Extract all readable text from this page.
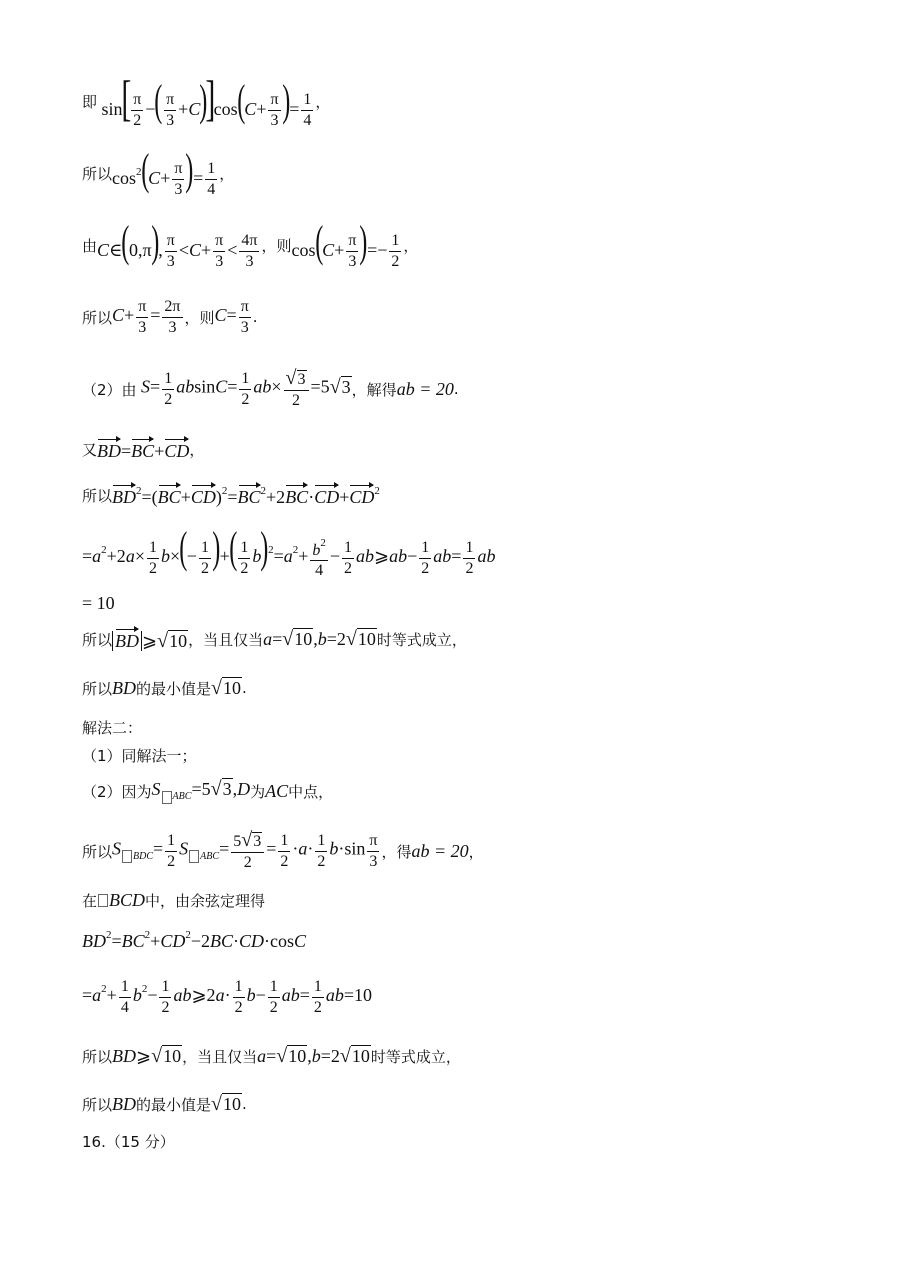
即 $\sin[ \frac{\pi}{2}$ −( $\frac{\pi}{3} +C)]\cos(C+ \frac{\pi}{3}$ )= $\frac{1}{4}$ ，
所以 $\cos^2(C+ \frac{\pi}{3}$ )= $\frac{1}{4}$ ，
由 C∈(0,π), $\frac{\pi}{3} <C+ \frac{\pi}{3} < \frac{4\pi}{3}$ ，则 $\cos(C+ \frac{\pi}{3}$ )=− $\frac{1}{2}$ ，
所以 $C+ \frac{\pi}{3} = \frac{2\pi}{3}$ ，则 $C= \frac{\pi}{3}$ .
（2）由 $S= \frac{1}{2} absinC= \frac{1}{2} ab\times \frac{√ 3}{2} =5$ √ 3 ，解得 ab = 20 .
又 BD=BC+CD ，
所以 $BD^2=(BC+CD)^2=BC^2+2BC\cdot CD+CD^2$
$=a^2+2a\times \frac{1}{2} b\times(- \frac{1}{2}$ )+( $\frac{1}{2} b)^2=a^2+ \frac{b^2}{4} - \frac{1}{2}$ ab⩾ab− $\frac{1}{2} ab= \frac{1}{2}$ ab
= 10
所以 BD ⩾ √ 10 ，当且仅当 a= √ 10 ,b=2 √ 10 时等式成立，
所以 BD 的最小值是 √ 10 .
解法二：
（1）同解法一；
（2）因为 S $_{ABC}$=5 √ 3 ,D 为 AC 中点，
所以 S $_{BDC}= \frac{1}{2}$ S $_{ABC}= \frac{5 √ 3}{2} = \frac{1}{2} \cdot a\cdot \frac{1}{2} b\cdot\sin \frac{\pi}{3}$ ，得 ab = 20 ，
在 BCD 中，由余弦定理得
$BD^2=BC^2+CD^2-2BC\cdot CD\cdot\cos C$
$=a^2+ \frac{1}{4} b^2- \frac{1}{2}$ ab⩾2a· $\frac{1}{2} b- \frac{1}{2} ab= \frac{1}{2} ab=10$
所以 BD⩾ √ 10 ，当且仅当 a= √ 10 ,b=2 √ 10 时等式成立，
所以 BD 的最小值是 √ 10 .
16.（15 分）
